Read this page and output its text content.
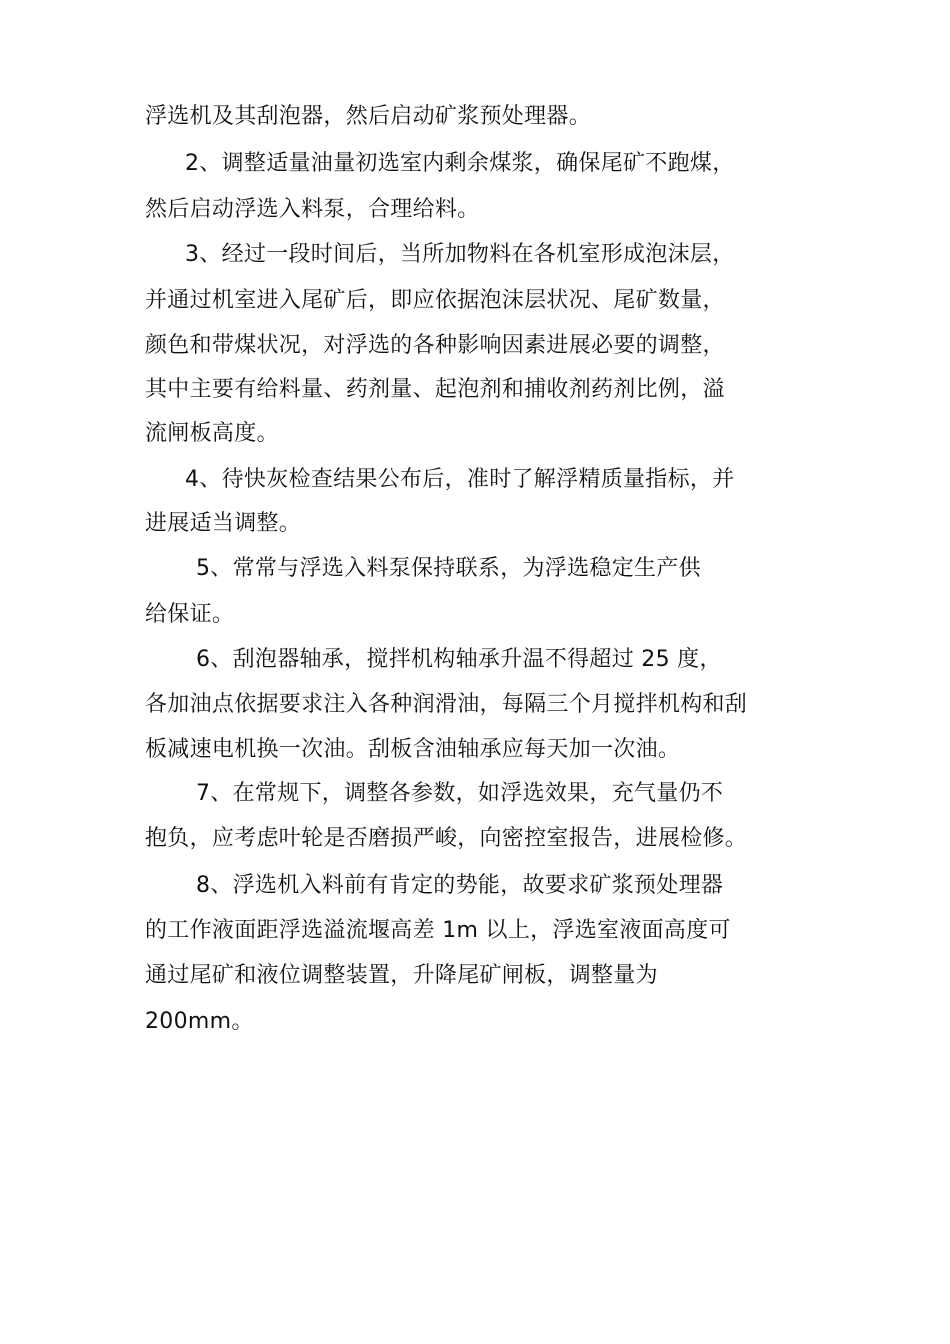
浮选机及其刮泡器，然后启动矿浆预处理器。
2、调整适量油量初选室内剩余煤浆，确保尾矿不跑煤，
然后启动浮选入料泵，合理给料。
3、经过一段时间后，当所加物料在各机室形成泡沫层，
并通过机室进入尾矿后，即应依据泡沫层状况、尾矿数量，
颜色和带煤状况，对浮选的各种影响因素进展必要的调整，
其中主要有给料量、药剂量、起泡剂和捕收剂药剂比例，溢
流闸板高度。
4、待快灰检查结果公布后，准时了解浮精质量指标，并
进展适当调整。
5、常常与浮选入料泵保持联系，为浮选稳定生产供
给保证。
6、刮泡器轴承，搅拌机构轴承升温不得超过 25 度，
各加油点依据要求注入各种润滑油，每隔三个月搅拌机构和刮
板减速电机换一次油。刮板含油轴承应每天加一次油。
7、在常规下，调整各参数，如浮选效果，充气量仍不
抱负，应考虑叶轮是否磨损严峻，向密控室报告，进展检修。
8、浮选机入料前有肯定的势能，故要求矿浆预处理器
的工作液面距浮选溢流堰高差 1m 以上，浮选室液面高度可
通过尾矿和液位调整装置，升降尾矿闸板，调整量为
200mm。
